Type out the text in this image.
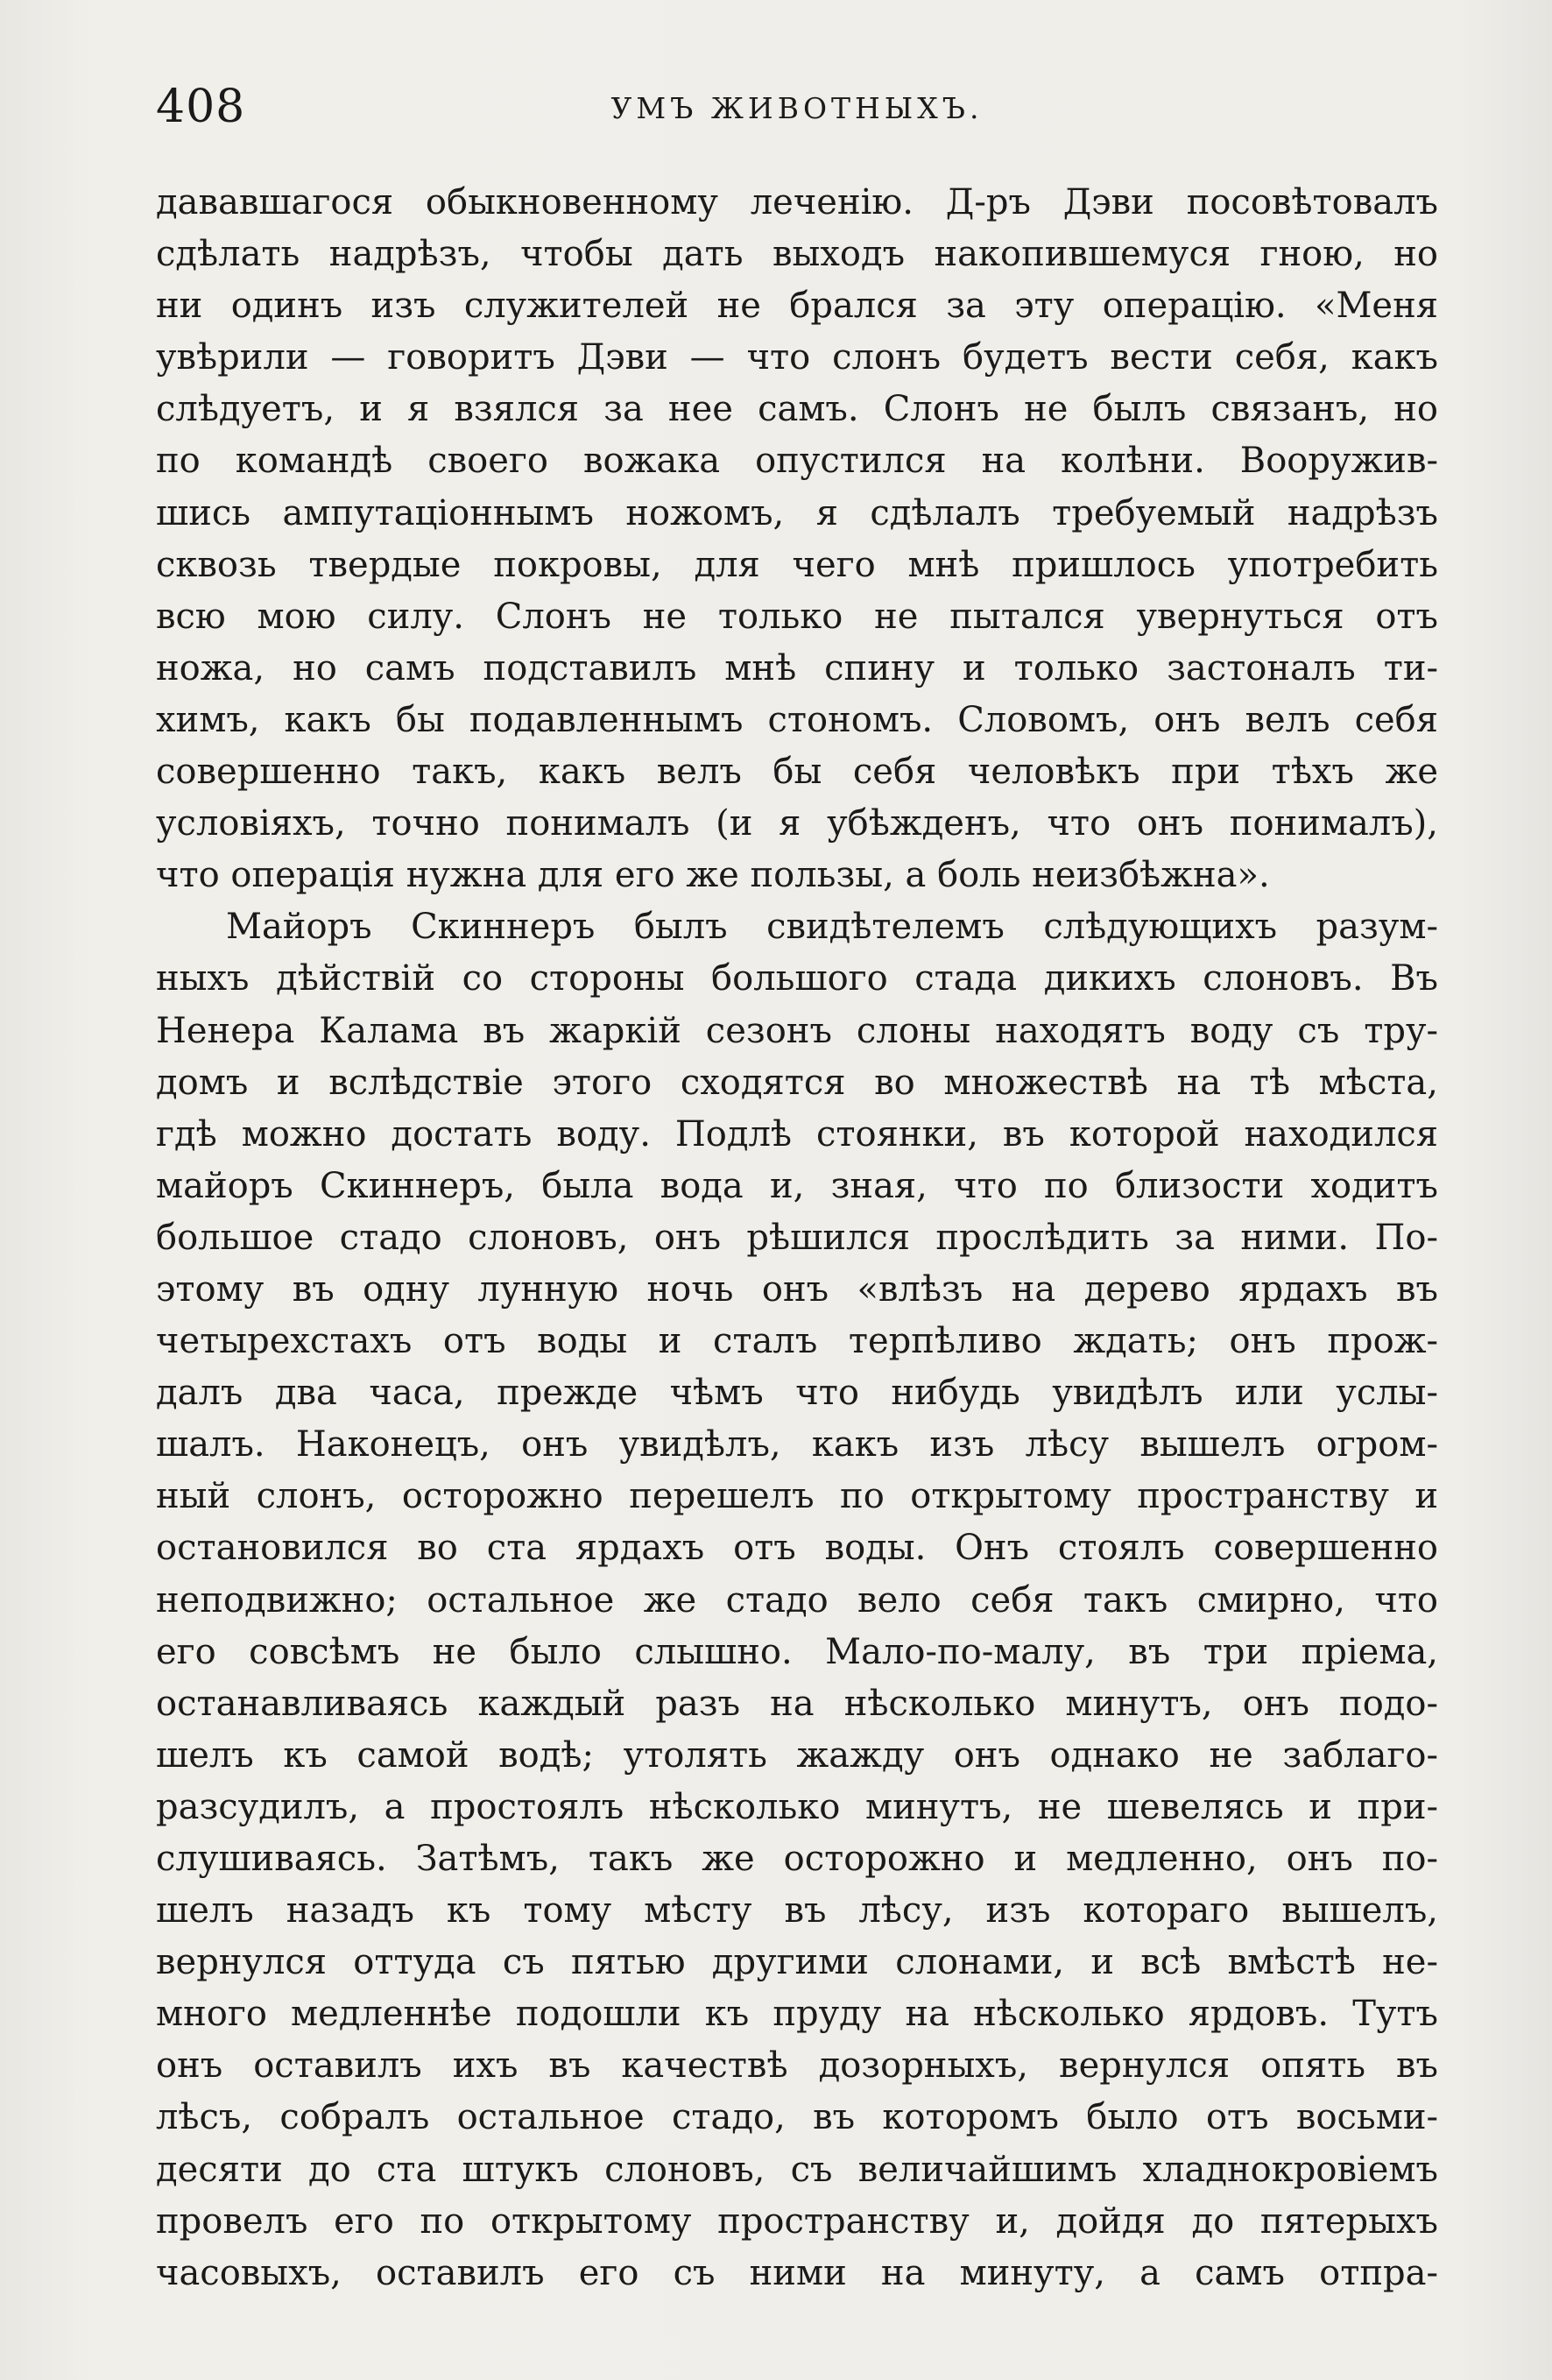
408	УМЪ ЖИВОТНЫХЪ.
дававшагося обыкновенному леченію. Д-ръ Дэви посовѣтовалъ
сдѣлать надрѣзъ, чтобы дать выходъ накопившемуся гною, но
ни одинъ изъ служителей не брался за эту операцію. «Меня
увѣрили — говоритъ Дэви — что слонъ будетъ вести себя, какъ
слѣдуетъ, и я взялся за нее самъ. Слонъ не былъ связанъ, но
по командѣ своего вожака опустился на колѣни. Вооружив-
шись ампутаціоннымъ ножомъ, я сдѣлалъ требуемый надрѣзъ
сквозь твердые покровы, для чего мнѣ пришлось употребить
всю мою силу. Слонъ не только не пытался увернуться отъ
ножа, но самъ подставилъ мнѣ спину и только застоналъ ти-
химъ, какъ бы подавленнымъ стономъ. Словомъ, онъ велъ себя
совершенно такъ, какъ велъ бы себя человѣкъ при тѣхъ же
условіяхъ, точно понималъ (и я убѣжденъ, что онъ понималъ),
что операція нужна для его же пользы, а боль неизбѣжна».
Майоръ Скиннеръ былъ свидѣтелемъ слѣдующихъ разум-
ныхъ дѣйствій со стороны большого стада дикихъ слоновъ. Въ
Ненера Калама въ жаркій сезонъ слоны находятъ воду съ тру-
домъ и вслѣдствіе этого сходятся во множествѣ на тѣ мѣста,
гдѣ можно достать воду. Подлѣ стоянки, въ которой находился
майоръ Скиннеръ, была вода и, зная, что по близости ходитъ
большое стадо слоновъ, онъ рѣшился прослѣдить за ними. По-
этому въ одну лунную ночь онъ «влѣзъ на дерево ярдахъ въ
четырехстахъ отъ воды и сталъ терпѣливо ждать; онъ прож-
далъ два часа, прежде чѣмъ что нибудь увидѣлъ или услы-
шалъ. Наконецъ, онъ увидѣлъ, какъ изъ лѣсу вышелъ огром-
ный слонъ, осторожно перешелъ по открытому пространству и
остановился во ста ярдахъ отъ воды. Онъ стоялъ совершенно
неподвижно; остальное же стадо вело себя такъ смирно, что
его совсѣмъ не было слышно. Мало-по-малу, въ три пріема,
останавливаясь каждый разъ на нѣсколько минутъ, онъ подо-
шелъ къ самой водѣ; утолять жажду онъ однако не заблаго-
разсудилъ, а простоялъ нѣсколько минутъ, не шевелясь и при-
слушиваясь. Затѣмъ, такъ же осторожно и медленно, онъ по-
шелъ назадъ къ тому мѣсту въ лѣсу, изъ котораго вышелъ,
вернулся оттуда съ пятью другими слонами, и всѣ вмѣстѣ не-
много медленнѣе подошли къ пруду на нѣсколько ярдовъ. Тутъ
онъ оставилъ ихъ въ качествѣ дозорныхъ, вернулся опять въ
лѣсъ, собралъ остальное стадо, въ которомъ было отъ восьми-
десяти до ста штукъ слоновъ, съ величайшимъ хладнокровіемъ
провелъ его по открытому пространству и, дойдя до пятерыхъ
часовыхъ, оставилъ его съ ними на минуту, а самъ отпра-
